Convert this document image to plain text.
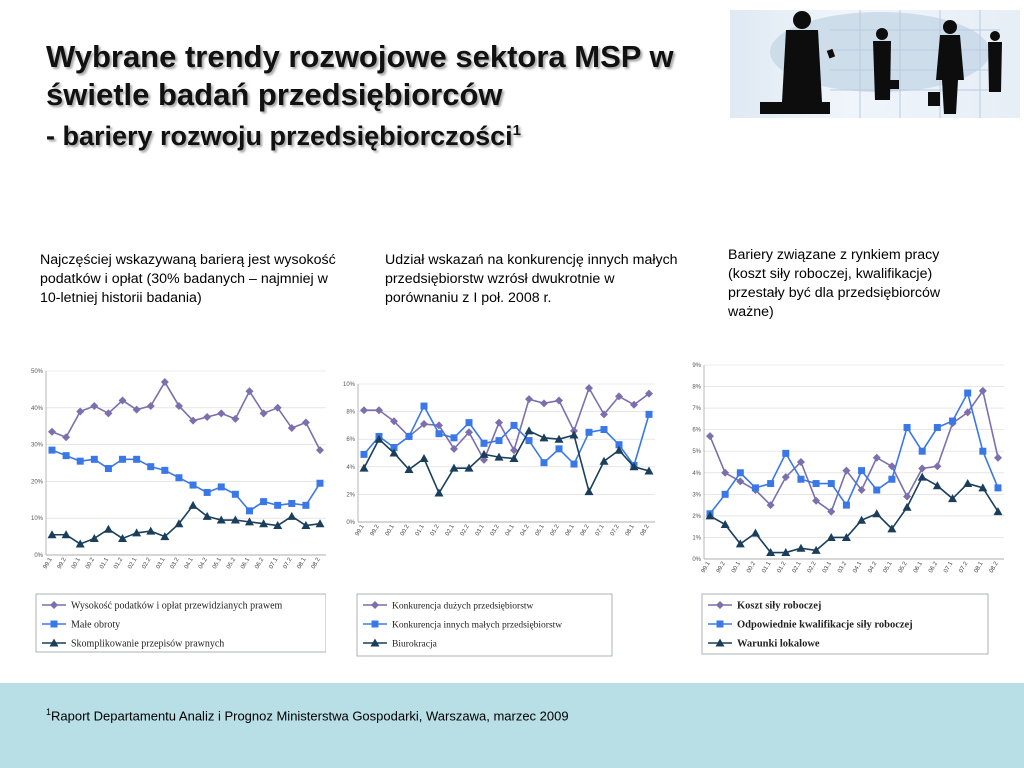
Wybrane trendy rozwojowe sektora MSP w świetle badań przedsiębiorców
- bariery rozwoju przedsiębiorczości$^1$
Najczęściej wskazywaną barierą jest wysokość podatków i opłat (30% badanych – najmniej w 10-letniej historii badania)
Udział wskazań na konkurencję innych małych przedsiębiorstw wzrósł dwukrotnie w porównaniu z I poł. 2008 r.
Bariery związane z rynkiem pracy (koszt siły roboczej, kwalifikacje) przestały być dla przedsiębiorców ważne)
0%
10%
20%
30%
40%
50%
99.1 99.2 00.1 00.2 01.1 01.2 02.1 02.2 03.1 03.2 04.1 04.2 05.1 05.2 06.1 06.2 07.1 07.2 08.1 08.2
Wysokość podatków i opłat przewidzianych prawem
Małe obroty
Skomplikowanie przepisów prawnych
0%
2%
4%
6%
8%
10%
99.1 99.2 00.1 00.2 01.1 01.2 02.1 02.2 03.1 03.2 04.1 04.2 05.1 05.2 06.1 06.2 07.1 07.2 08.1 08.2
Konkurencja dużych przedsiębiorstw
Konkurencja innych małych przedsiębiorstw
Biurokracja
0%
1%
2%
3%
4%
5%
6%
7%
8%
9%
99.1 99.2 00.1 00.2 01.1 01.2 02.1 02.2 03.1 03.2 04.1 04.2 05.1 05.2 06.1 06.2 07.1 07.2 08.1 08.2
Koszt siły roboczej
Odpowiednie kwalifikacje siły roboczej
Warunki lokalowe
$^1$Raport Departamentu Analiz i Prognoz Ministerstwa Gospodarki, Warszawa, marzec 2009
